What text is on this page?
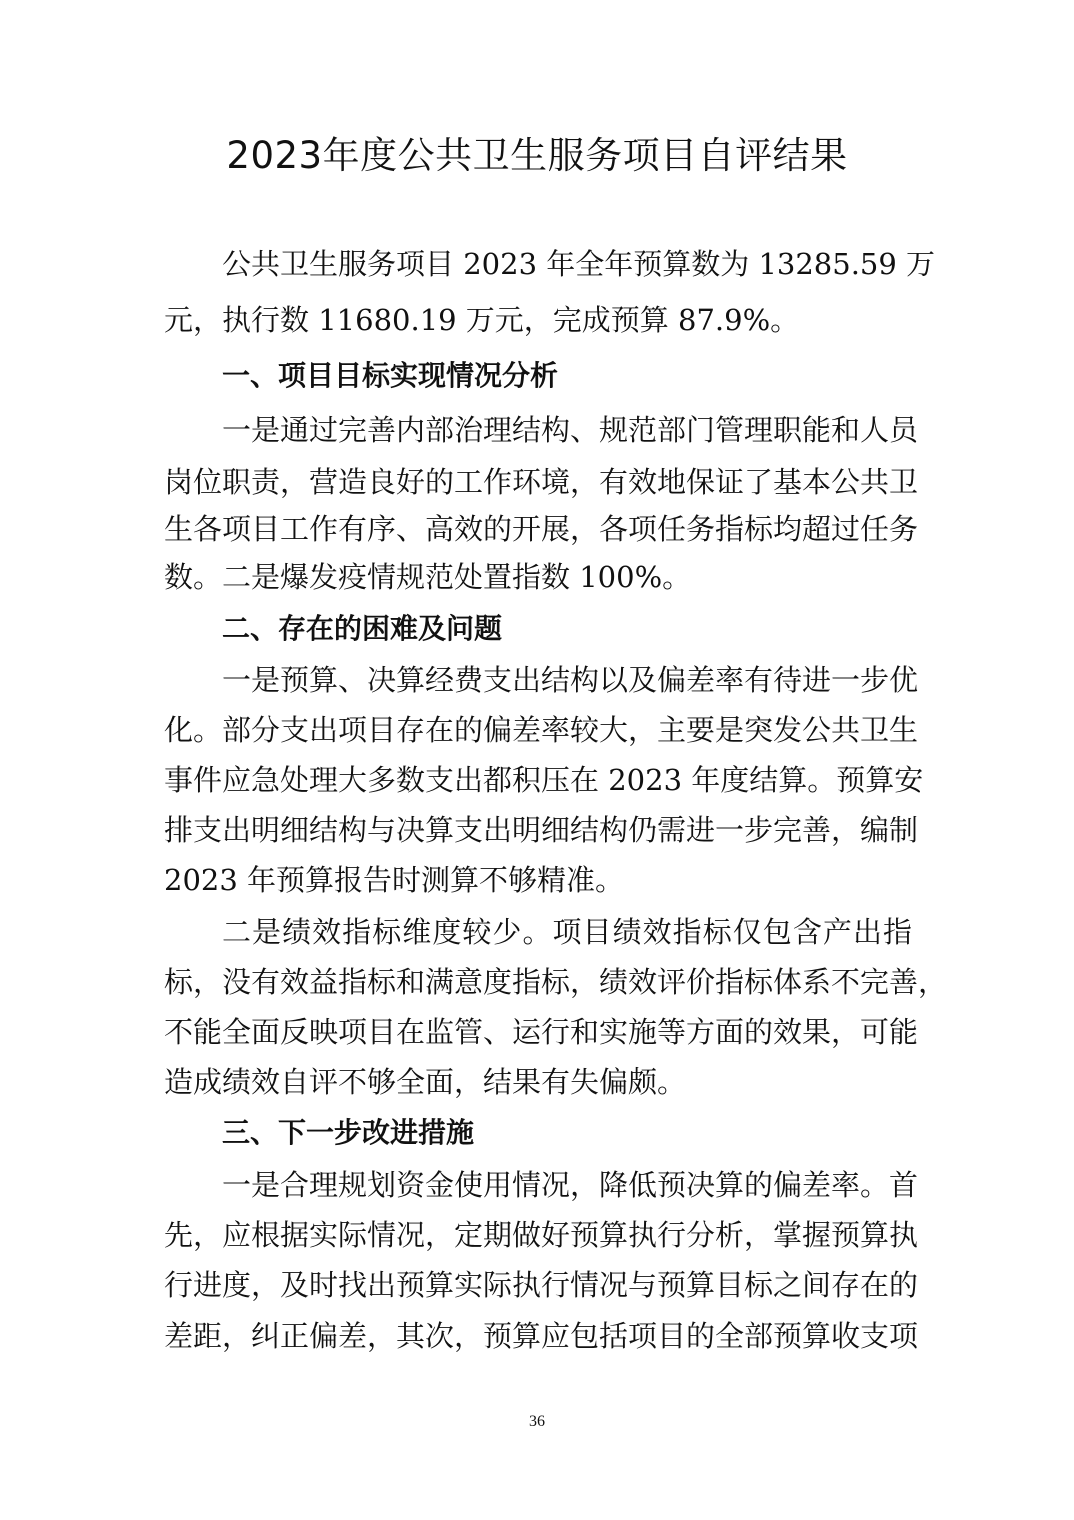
2023年度公共卫生服务项目自评结果

公共卫生服务项目 2023 年全年预算数为 13285.59 万

元，执行数 11680.19 万元，完成预算 87.9%。

一、项目目标实现情况分析

一是通过完善内部治理结构、规范部门管理职能和人员

岗位职责，营造良好的工作环境，有效地保证了基本公共卫

生各项目工作有序、高效的开展，各项任务指标均超过任务

数。二是爆发疫情规范处置指数 100%。

二、存在的困难及问题

一是预算、决算经费支出结构以及偏差率有待进一步优

化。部分支出项目存在的偏差率较大，主要是突发公共卫生

事件应急处理大多数支出都积压在 2023 年度结算。预算安

排支出明细结构与决算支出明细结构仍需进一步完善，编制

2023 年预算报告时测算不够精准。

二是绩效指标维度较少。项目绩效指标仅包含产出指

标，没有效益指标和满意度指标，绩效评价指标体系不完善，

不能全面反映项目在监管、运行和实施等方面的效果，可能

造成绩效自评不够全面，结果有失偏颇。

三、下一步改进措施

一是合理规划资金使用情况，降低预决算的偏差率。首

先，应根据实际情况，定期做好预算执行分析，掌握预算执

行进度，及时找出预算实际执行情况与预算目标之间存在的

差距，纠正偏差，其次，预算应包括项目的全部预算收支项

36
